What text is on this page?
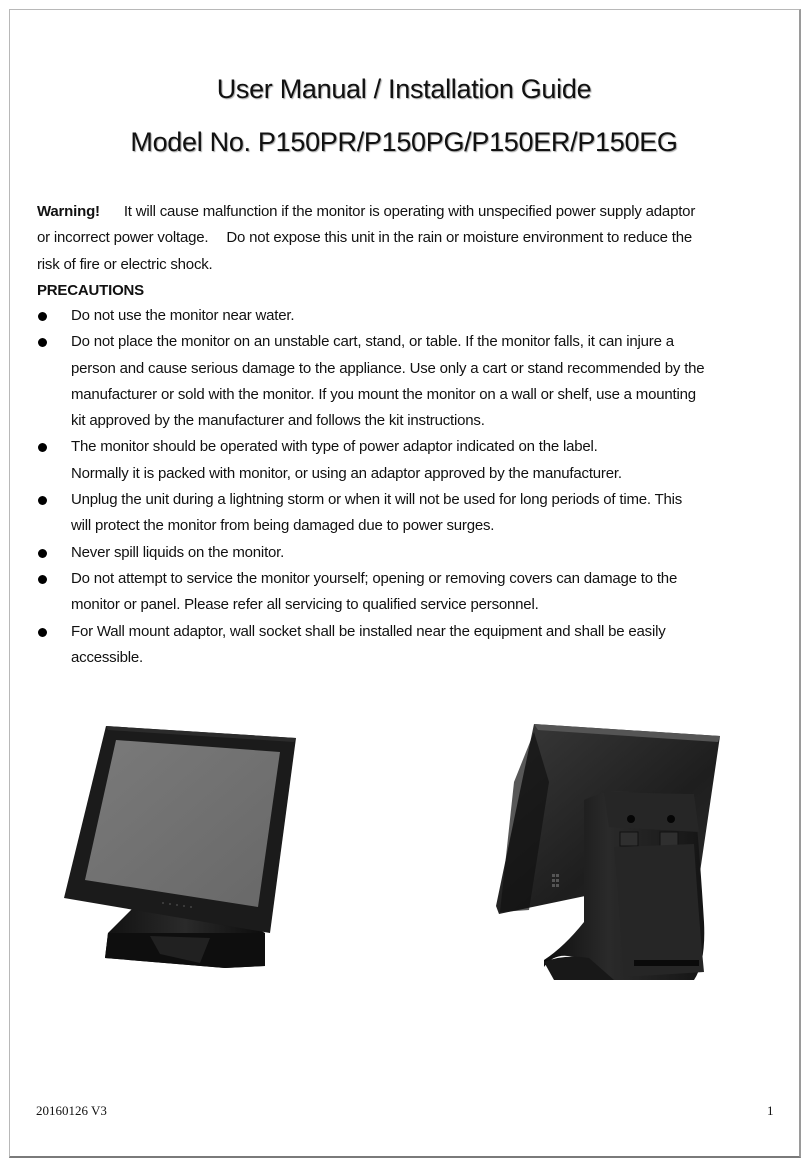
User Manual / Installation Guide
Model No. P150PR/P150PG/P150ER/P150EG
Warning! It will cause malfunction if the monitor is operating with unspecified power supply adaptor
or incorrect power voltage. Do not expose this unit in the rain or moisture environment to reduce the
risk of fire or electric shock.
PRECAUTIONS
Do not use the monitor near water.
Do not place the monitor on an unstable cart, stand, or table. If the monitor falls, it can injure a
person and cause serious damage to the appliance. Use only a cart or stand recommended by the
manufacturer or sold with the monitor. If you mount the monitor on a wall or shelf, use a mounting
kit approved by the manufacturer and follows the kit instructions.
The monitor should be operated with type of power adaptor indicated on the label.
Normally it is packed with monitor, or using an adaptor approved by the manufacturer.
Unplug the unit during a lightning storm or when it will not be used for long periods of time. This
will protect the monitor from being damaged due to power surges.
Never spill liquids on the monitor.
Do not attempt to service the monitor yourself; opening or removing covers can damage to the
monitor or panel. Please refer all servicing to qualified service personnel.
For Wall mount adaptor, wall socket shall be installed near the equipment and shall be easily
accessible.
20160126 V3	1
